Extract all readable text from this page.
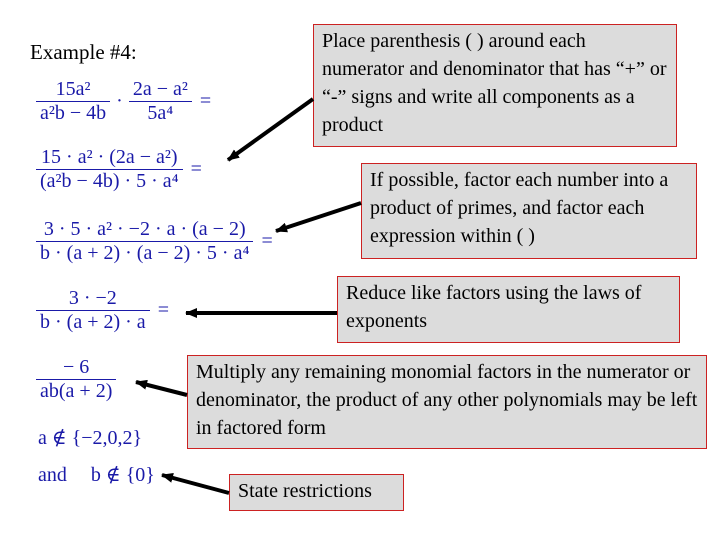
Example #4:
$\frac{\text{15a²}}{\text{a²b − 4b}} \cdot \frac{\text{2a − a²}}{\text{5a⁴}}$ =
$\frac{\text{15 · a² · (2a − a²)}}{\text{(a²b − 4b) · 5 · a⁴}}$ =
$\frac{\text{3 · 5 · a² · −2 · a · (a − 2)}}{\text{b · (a + 2) · (a − 2) · 5 · a⁴}}$ =
$\frac{3 \cdot -2}{b \cdot (a + 2) \cdot a}$ =
$\frac{- 6}{ab(a + 2)}$
a ∉ {−2,0,2}
and b ∉ {0}
Place parenthesis ( ) around each numerator and denominator that has “+” or “-” signs and write all components as a product
If possible, factor each number into a product of primes, and factor each expression within ( )
Reduce like factors using the laws of exponents
Multiply any remaining monomial factors in the numerator or denominator, the product of any other polynomials may be left in factored form
State restrictions
